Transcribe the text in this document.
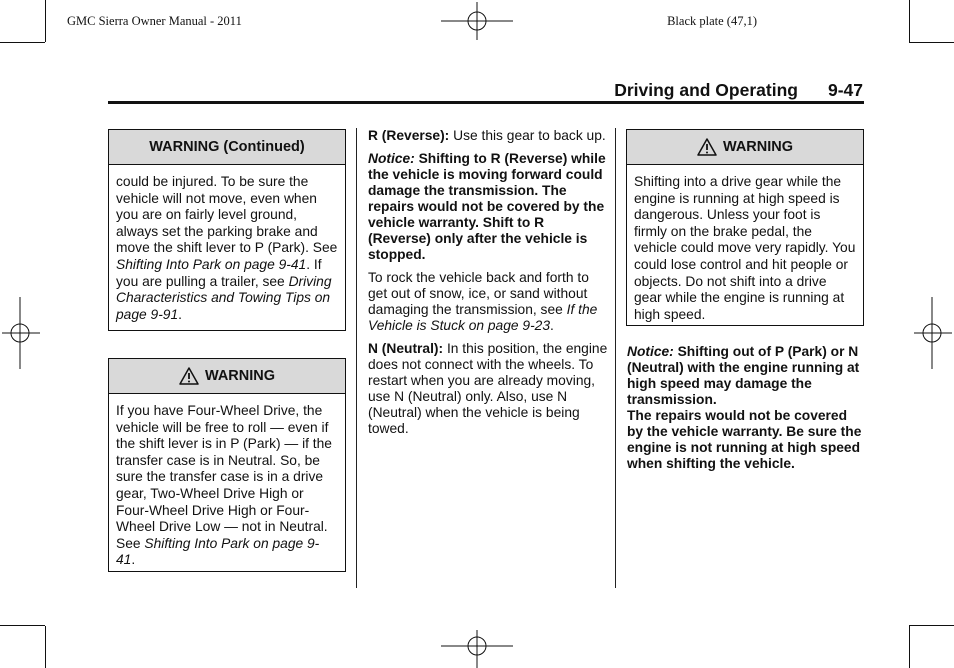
GMC Sierra Owner Manual - 2011	Black plate (47,1)
Driving and Operating 9-47
WARNING (Continued)
could be injured. To be sure the vehicle will not move, even when you are on fairly level ground, always set the parking brake and move the shift lever to P (Park). See Shifting Into Park on page 9-41. If you are pulling a trailer, see Driving Characteristics and Towing Tips on page 9-91.
WARNING
If you have Four-Wheel Drive, the vehicle will be free to roll — even if the shift lever is in P (Park) — if the transfer case is in Neutral. So, be sure the transfer case is in a drive gear, Two-Wheel Drive High or Four-Wheel Drive High or Four-Wheel Drive Low — not in Neutral. See Shifting Into Park on page 9-41.

R (Reverse): Use this gear to back up.

Notice: Shifting to R (Reverse) while the vehicle is moving forward could damage the transmission. The repairs would not be covered by the vehicle warranty. Shift to R (Reverse) only after the vehicle is stopped.

To rock the vehicle back and forth to get out of snow, ice, or sand without damaging the transmission, see If the Vehicle is Stuck on page 9-23.

N (Neutral): In this position, the engine does not connect with the wheels. To restart when you are already moving, use N (Neutral) only. Also, use N (Neutral) when the vehicle is being towed.

WARNING
Shifting into a drive gear while the engine is running at high speed is dangerous. Unless your foot is firmly on the brake pedal, the vehicle could move very rapidly. You could lose control and hit people or objects. Do not shift into a drive gear while the engine is running at high speed.
Notice: Shifting out of P (Park) or N (Neutral) with the engine running at high speed may damage the transmission.
The repairs would not be covered by the vehicle warranty. Be sure the engine is not running at high speed when shifting the vehicle.
